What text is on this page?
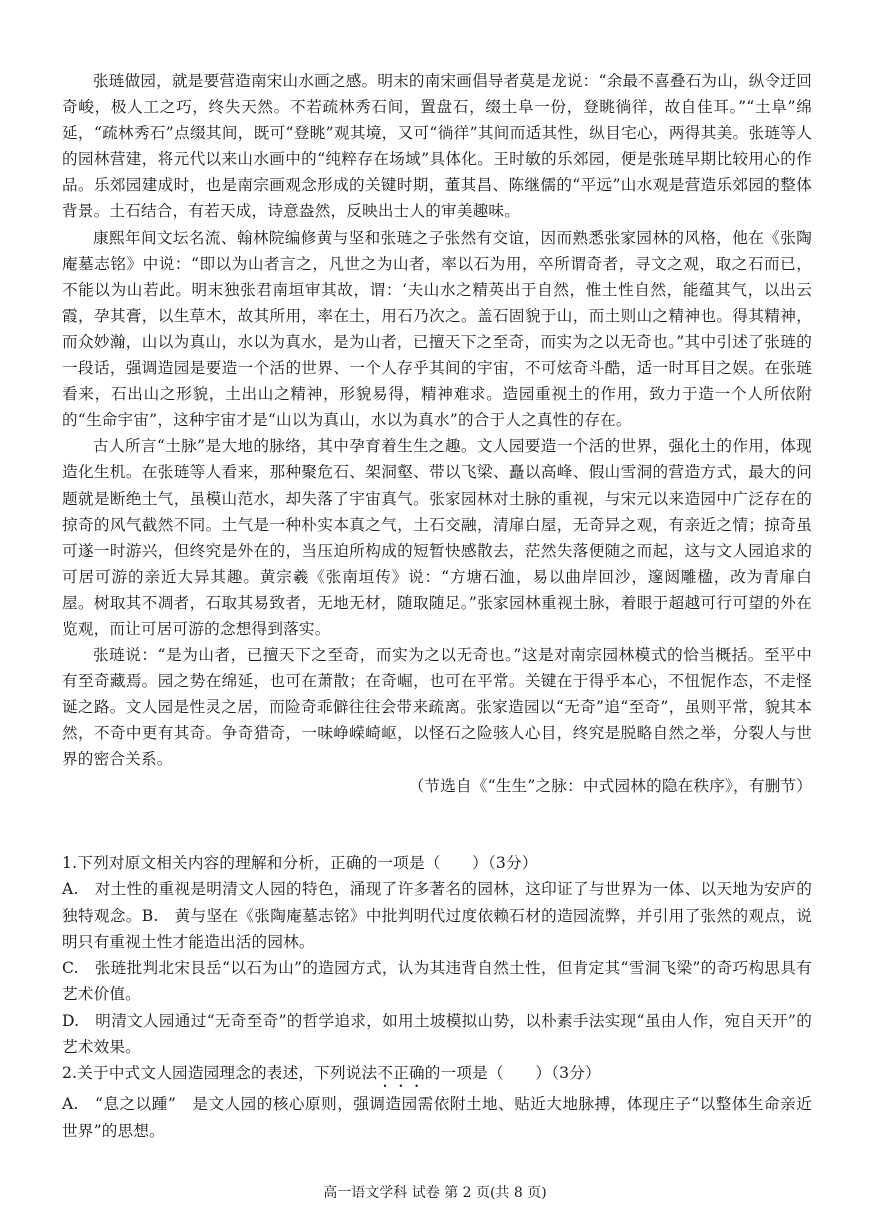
张琏做园，就是要营造南宋山水画之感。明末的南宋画倡导者莫是龙说：“余最不喜叠石为山，纵令迂回奇峻，极人工之巧，终失天然。不若疏林秀石间，置盘石，缀土阜一份，登眺徜徉，故自佳耳。”“土阜”绵延，“疏林秀石”点缀其间，既可“登眺”观其境，又可“徜徉”其间而适其性，纵目宅心，两得其美。张琏等人的园林营建，将元代以来山水画中的“纯粹存在场域”具体化。王时敏的乐郊园，便是张琏早期比较用心的作品。乐郊园建成时，也是南宗画观念形成的关键时期，董其昌、陈继儒的“平远”山水观是营造乐郊园的整体背景。土石结合，有若天成，诗意盎然，反映出士人的审美趣味。

康熙年间文坛名流、翰林院编修黄与坚和张琏之子张然有交谊，因而熟悉张家园林的风格，他在《张陶庵墓志铭》中说：“即以为山者言之，凡世之为山者，率以石为用，卒所谓奇者，寻文之观，取之石而已，不能以为山若此。明末独张君南垣审其故，谓：‘夫山水之精英出于自然，惟土性自然，能蕴其气，以出云霞，孕其膏，以生草木，故其所用，率在土，用石乃次之。盖石固貌于山，而土则山之精神也。得其精神，而众妙瀚，山以为真山，水以为真水，是为山者，已擅天下之至奇，而实为之以无奇也。”其中引述了张琏的一段话，强调造园是要造一个活的世界、一个人存乎其间的宇宙，不可炫奇斗酷，适一时耳目之娱。在张琏看来，石出山之形貌，土出山之精神，形貌易得，精神难求。造园重视土的作用，致力于造一个人所依附的“生命宇宙”，这种宇宙才是“山以为真山，水以为真水”的合于人之真性的存在。

古人所言“土脉”是大地的脉络，其中孕育着生生之趣。文人园要造一个活的世界，强化土的作用，体现造化生机。在张琏等人看来，那种聚危石、架洞壑、带以飞梁、矗以高峰、假山雪洞的营造方式，最大的问题就是断绝土气，虽模山范水，却失落了宇宙真气。张家园林对土脉的重视，与宋元以来造园中广泛存在的掠奇的风气截然不同。土气是一种朴实本真之气，土石交融，清扉白屋，无奇异之观，有亲近之情；掠奇虽可遂一时游兴，但终究是外在的，当压迫所构成的短暂快感散去，茫然失落便随之而起，这与文人园追求的可居可游的亲近大异其趣。黄宗羲《张南垣传》说：“方塘石洫，易以曲岸回沙，邃闼雕楹，改为青扉白屋。树取其不凋者，石取其易致者，无地无材，随取随足。”张家园林重视土脉，着眼于超越可行可望的外在览观，而让可居可游的念想得到落实。

张琏说：“是为山者，已擅天下之至奇，而实为之以无奇也。”这是对南宗园林模式的恰当概括。至平中有至奇藏焉。园之势在绵延，也可在萧散；在奇崛，也可在平常。关键在于得乎本心，不忸怩作态，不走怪诞之路。文人园是性灵之居，而险奇乖僻往往会带来疏离。张家造园以“无奇”追“至奇”，虽则平常，貌其本然，不奇中更有其奇。争奇猎奇，一味峥嵘崎岖，以怪石之险骇人心目，终究是脱略自然之举，分裂人与世界的密合关系。

（节选自《“生生”之脉：中式园林的隐在秩序》，有删节）

1.下列对原文相关内容的理解和分析，正确的一项是（　　）（3分）

A.　对土性的重视是明清文人园的特色，涌现了许多著名的园林，这印证了与世界为一体、以天地为安庐的独特观念。B.　黄与坚在《张陶庵墓志铭》中批判明代过度依赖石材的造园流弊，并引用了张然的观点，说明只有重视土性才能造出活的园林。

C.　张琏批判北宋艮岳“以石为山”的造园方式，认为其违背自然土性，但肯定其“雪洞飞梁”的奇巧构思具有艺术价值。

D.　明清文人园通过“无奇至奇”的哲学追求，如用土坡模拟山势，以朴素手法实现“虽由人作，宛自天开”的艺术效果。

2.关于中式文人园造园理念的表述，下列说法不正确的一项是（　　）（3分）

A.　“息之以踵”　是文人园的核心原则，强调造园需依附土地、贴近大地脉搏，体现庄子“以整体生命亲近世界”的思想。

高一语文学科 试卷 第 2 页(共 8 页)
